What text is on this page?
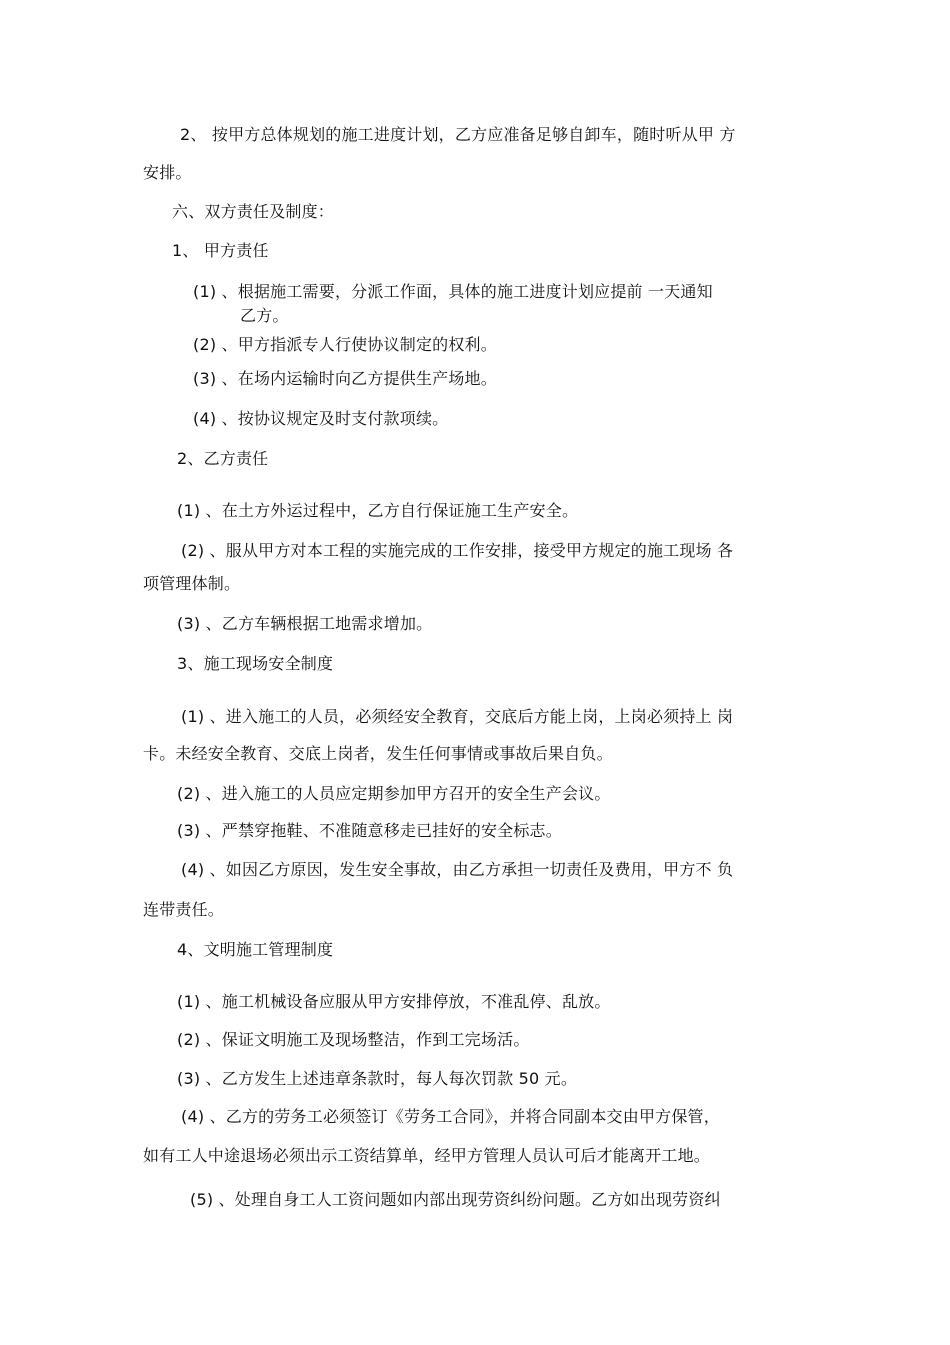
2、 按甲方总体规划的施工进度计划，乙方应准备足够自卸车，随时听从甲 方
安排。
六、双方责任及制度：
1、 甲方责任
(1) 、根据施工需要，分派工作面，具体的施工进度计划应提前 一天通知
乙方。
(2) 、甲方指派专人行使协议制定的权利。
(3) 、在场内运输时向乙方提供生产场地。
(4) 、按协议规定及时支付款项续。
2、乙方责任
(1) 、在土方外运过程中，乙方自行保证施工生产安全。
(2) 、服从甲方对本工程的实施完成的工作安排，接受甲方规定的施工现场 各
项管理体制。
(3) 、乙方车辆根据工地需求增加。
3、施工现场安全制度
(1) 、进入施工的人员，必须经安全教育，交底后方能上岗，上岗必须持上 岗
卡。未经安全教育、交底上岗者，发生任何事情或事故后果自负。
(2) 、进入施工的人员应定期参加甲方召开的安全生产会议。
(3) 、严禁穿拖鞋、不准随意移走已挂好的安全标志。
(4) 、如因乙方原因，发生安全事故，由乙方承担一切责任及费用，甲方不 负
连带责任。
4、文明施工管理制度
(1) 、施工机械设备应服从甲方安排停放，不准乱停、乱放。
(2) 、保证文明施工及现场整洁，作到工完场活。
(3) 、乙方发生上述违章条款时，每人每次罚款 50 元。
(4) 、乙方的劳务工必须签订《劳务工合同》，并将合同副本交由甲方保管，
如有工人中途退场必须出示工资结算单，经甲方管理人员认可后才能离开工地。
(5) 、处理自身工人工资问题如内部出现劳资纠纷问题。乙方如出现劳资纠
